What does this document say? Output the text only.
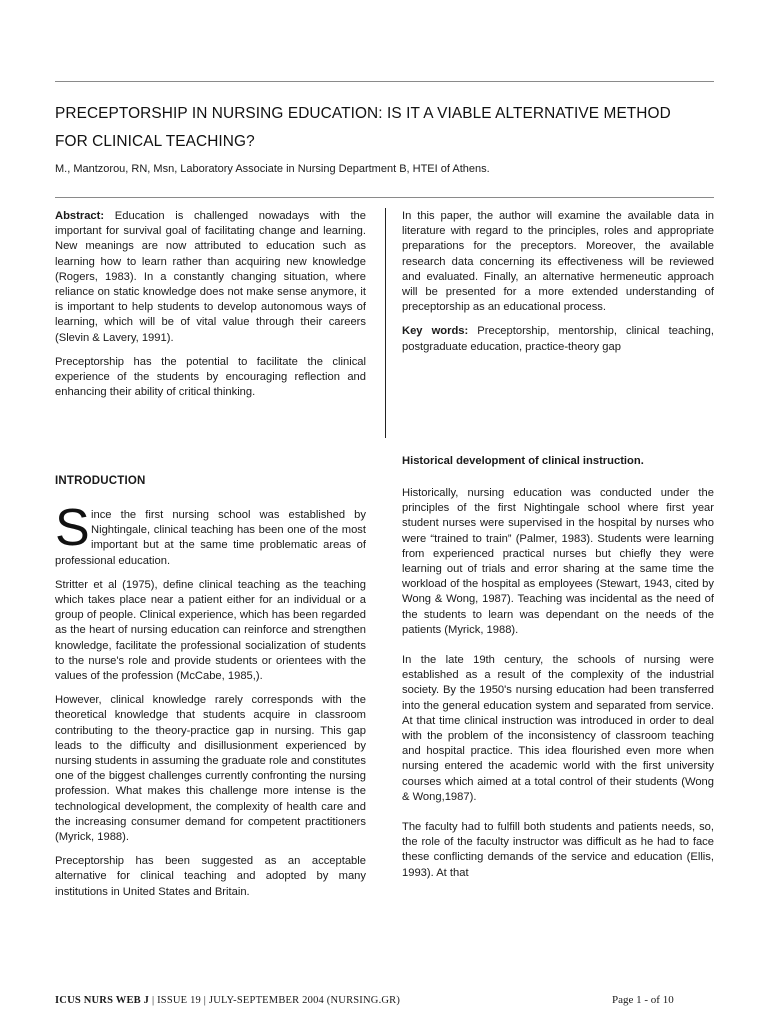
PRECEPTORSHIP IN NURSING EDUCATION: IS IT A VIABLE ALTERNATIVE METHOD
FOR CLINICAL TEACHING?
M., Mantzorou, RN, Msn, Laboratory Associate in Nursing Department B, HTEI of Athens.

Abstract: Education is challenged nowadays with the important for survival goal of facilitating change and learning. New meanings are now attributed to education such as learning how to learn rather than acquiring new knowledge (Rogers, 1983). In a constantly changing situation, where reliance on static knowledge does not make sense anymore, it is important to help students to develop autonomous ways of learning, which will be of vital value through their careers (Slevin & Lavery, 1991).

Preceptorship has the potential to facilitate the clinical experience of the students by encouraging reflection and enhancing their ability of critical thinking.

In this paper, the author will examine the available data in literature with regard to the principles, roles and appropriate preparations for the preceptors. Moreover, the available research data concerning its effectiveness will be reviewed and evaluated. Finally, an alternative hermeneutic approach will be presented for a more extended understanding of preceptorship as an educational process.

Key words: Preceptorship, mentorship, clinical teaching, postgraduate education, practice-theory gap

INTRODUCTION

S ince the first nursing school was established by Nightingale, clinical teaching has been one of the most important but at the same time problematic areas of professional education.

Stritter et al (1975), define clinical teaching as the teaching which takes place near a patient either for an individual or a group of people. Clinical experience, which has been regarded as the heart of nursing education can reinforce and strengthen knowledge, facilitate the professional socialization of students to the nurse's role and provide students or orientees with the values of the profession (McCabe, 1985,).

However, clinical knowledge rarely corresponds with the theoretical knowledge that students acquire in classroom contributing to the theory-practice gap in nursing. This gap leads to the difficulty and disillusionment experienced by nursing students in assuming the graduate role and constitutes one of the biggest challenges currently confronting the nursing profession. What makes this challenge more intense is the technological development, the complexity of health care and the increasing consumer demand for competent practitioners (Myrick, 1988).

Preceptorship has been suggested as an acceptable alternative for clinical teaching and adopted by many institutions in United States and Britain.

Historical development of clinical instruction.

Historically, nursing education was conducted under the principles of the first Nightingale school where first year student nurses were supervised in the hospital by nurses who were “trained to train” (Palmer, 1983). Students were learning from experienced practical nurses but chiefly they were learning out of trials and error sharing at the same time the workload of the hospital as employees (Stewart, 1943, cited by Wong & Wong, 1987). Teaching was incidental as the need of the students to learn was dependant on the needs of the patients (Myrick, 1988).

In the late 19th century, the schools of nursing were established as a result of the complexity of the industrial society. By the 1950's nursing education had been transferred into the general education system and separated from service. At that time clinical instruction was introduced in order to deal with the problem of the inconsistency of classroom teaching and hospital practice. This idea flourished even more when nursing entered the academic world with the first university courses which aimed at a total control of their students (Wong & Wong,1987).

The faculty had to fulfill both students and patients needs, so, the role of the faculty instructor was difficult as he had to face these conflicting demands of the service and education (Ellis, 1993). At that

ICUS NURS WEB J | ISSUE 19 | JULY-SEPTEMBER 2004 (NURSING.GR)	Page 1 - of 10
